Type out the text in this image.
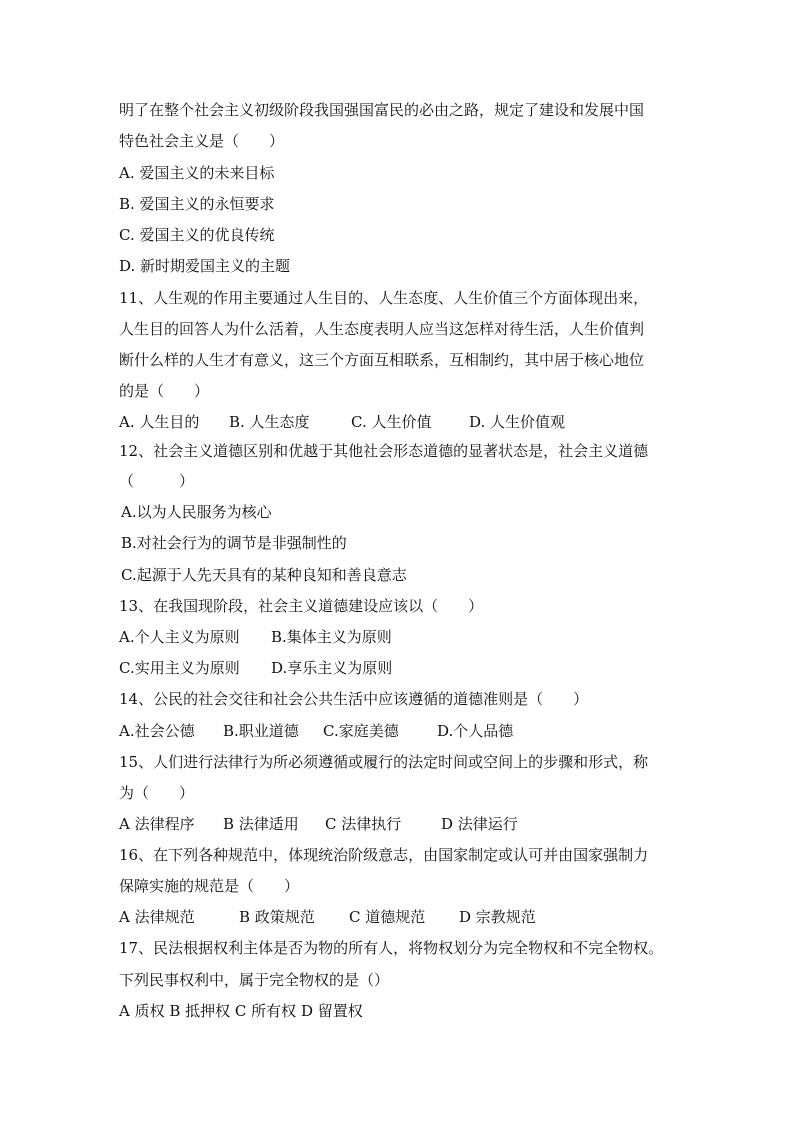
明了在整个社会主义初级阶段我国强国富民的必由之路，规定了建设和发展中国
特色社会主义是（　　）
A. 爱国主义的未来目标
B. 爱国主义的永恒要求
C. 爱国主义的优良传统
D. 新时期爱国主义的主题
11、人生观的作用主要通过人生目的、人生态度、人生价值三个方面体现出来，
人生目的回答人为什么活着，人生态度表明人应当这怎样对待生活，人生价值判
断什么样的人生才有意义，这三个方面互相联系，互相制约，其中居于核心地位
的是（　　）
A. 人生目的 B. 人生态度	C. 人生价值	D. 人生价值观
12、社会主义道德区别和优越于其他社会形态道德的显著状态是，社会主义道德
（　　　）
A.以为人民服务为核心
B.对社会行为的调节是非强制性的
C.起源于人先天具有的某种良知和善良意志
13、在我国现阶段，社会主义道德建设应该以（　　）
A.个人主义为原则 B.集体主义为原则
C.实用主义为原则 D.享乐主义为原则
14、公民的社会交往和社会公共生活中应该遵循的道德准则是（　　）
A.社会公德 B.职业道德 C.家庭美德	D.个人品德
15、人们进行法律行为所必须遵循或履行的法定时间或空间上的步骤和形式，称
为（　　）
A 法律程序 B 法律适用 C 法律执行	D 法律运行
16、在下列各种规范中，体现统治阶级意志，由国家制定或认可并由国家强制力
保障实施的规范是（　　）
A 法律规范	B 政策规范 C 道德规范 D 宗教规范
17、民法根据权利主体是否为物的所有人，将物权划分为完全物权和不完全物权。
下列民事权利中，属于完全物权的是（）
A 质权 B 抵押权 C 所有权 D 留置权
